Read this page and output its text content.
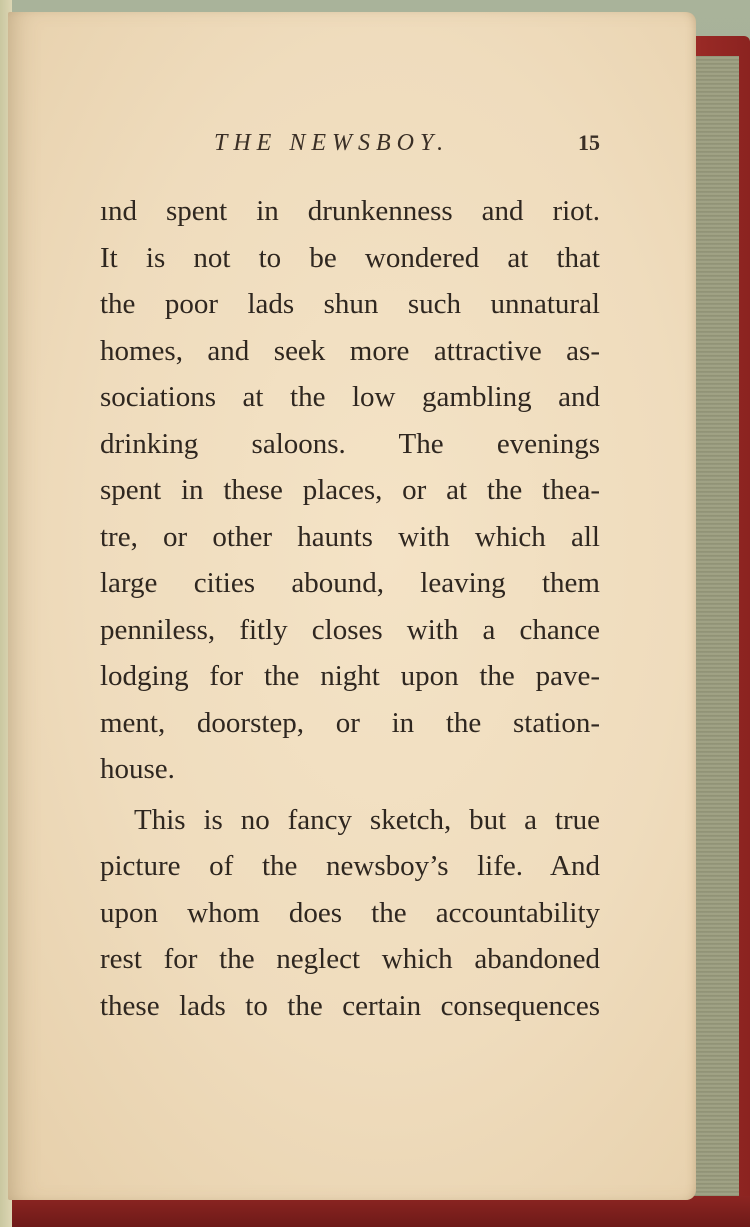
THE NEWSBOY.	15
ınd spent in drunkenness and riot.
It is not to be wondered at that
the poor lads shun such unnatural
homes, and seek more attractive as-
sociations at the low gambling and
drinking saloons. The evenings
spent in these places, or at the thea-
tre, or other haunts with which all
large cities abound, leaving them
penniless, fitly closes with a chance
lodging for the night upon the pave-
ment, doorstep, or in the station-
house.
This is no fancy sketch, but a true
picture of the newsboy’s life. And
upon whom does the accountability
rest for the neglect which abandoned
these lads to the certain consequences
